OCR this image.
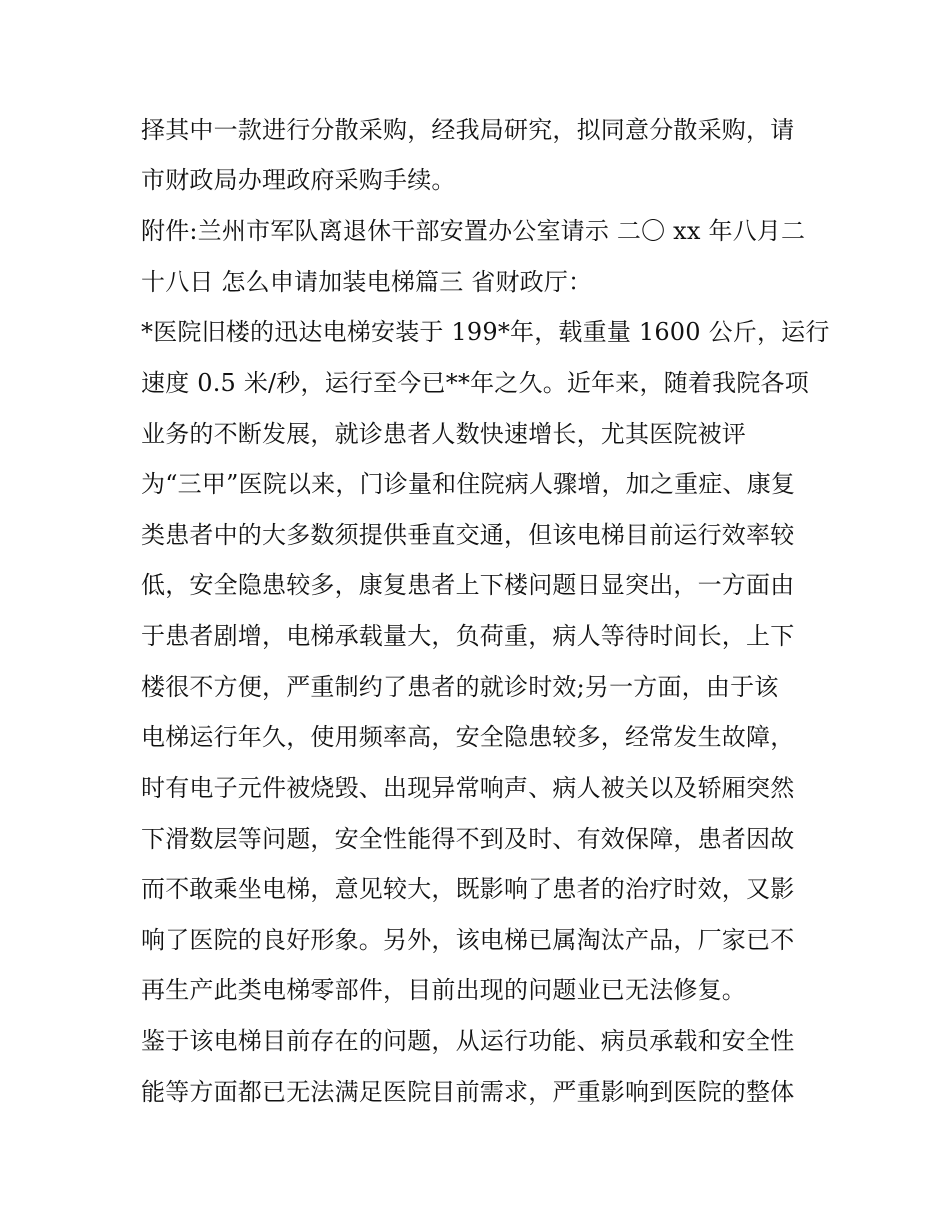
择其中一款进行分散采购，经我局研究，拟同意分散采购，请
市财政局办理政府采购手续。
附件:兰州市军队离退休干部安置办公室请示 二〇 xx 年八月二
十八日 怎么申请加装电梯篇三 省财政厅：
*医院旧楼的迅达电梯安装于 199*年，载重量 1600 公斤，运行
速度 0.5 米/秒，运行至今已**年之久。近年来，随着我院各项
业务的不断发展，就诊患者人数快速增长，尤其医院被评
为“三甲”医院以来，门诊量和住院病人骤增，加之重症、康复
类患者中的大多数须提供垂直交通，但该电梯目前运行效率较
低，安全隐患较多，康复患者上下楼问题日显突出，一方面由
于患者剧增，电梯承载量大，负荷重，病人等待时间长，上下
楼很不方便，严重制约了患者的就诊时效;另一方面，由于该
电梯运行年久，使用频率高，安全隐患较多，经常发生故障，
时有电子元件被烧毁、出现异常响声、病人被关以及轿厢突然
下滑数层等问题，安全性能得不到及时、有效保障，患者因故
而不敢乘坐电梯，意见较大，既影响了患者的治疗时效，又影
响了医院的良好形象。另外，该电梯已属淘汰产品，厂家已不
再生产此类电梯零部件，目前出现的问题业已无法修复。
鉴于该电梯目前存在的问题，从运行功能、病员承载和安全性
能等方面都已无法满足医院目前需求，严重影响到医院的整体
